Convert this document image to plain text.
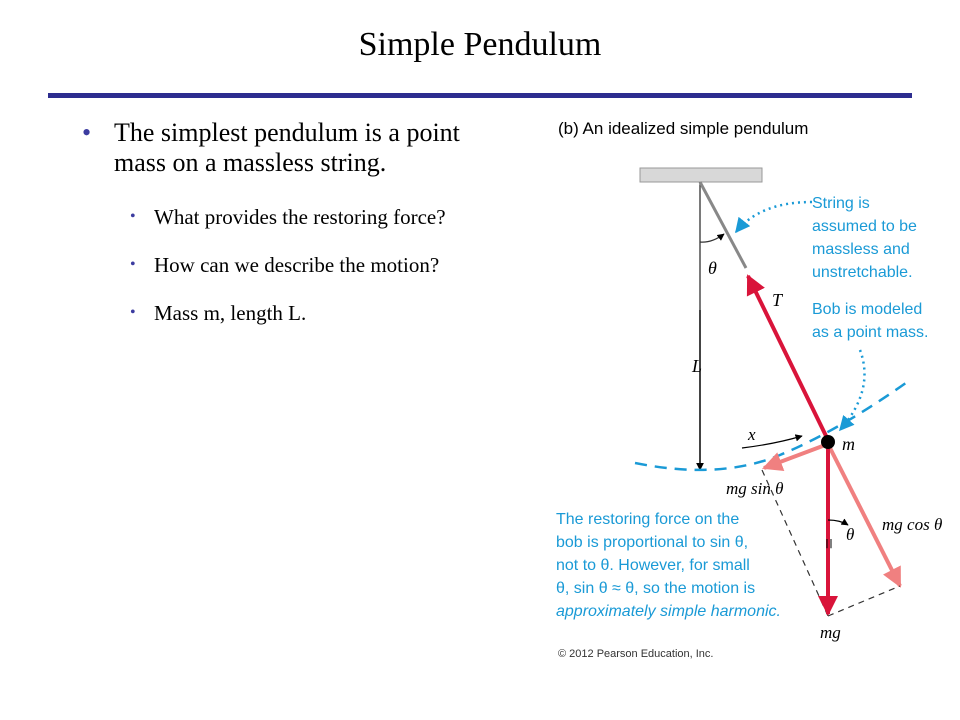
Simple Pendulum
• The simplest pendulum is a point mass on a massless string.
• What provides the restoring force?
• How can we describe the motion?
• Mass m, length L.
(b) An idealized simple pendulum
θ
T
L
x
mg sin θ
mg cos θ
mg
θ
=
m
String is assumed to be massless and unstretchable.
Bob is modeled as a point mass.
The restoring force on the bob is proportional to sin θ, not to θ. However, for small θ, sin θ ≈ θ, so the motion is approximately simple harmonic.
© 2012 Pearson Education, Inc.
